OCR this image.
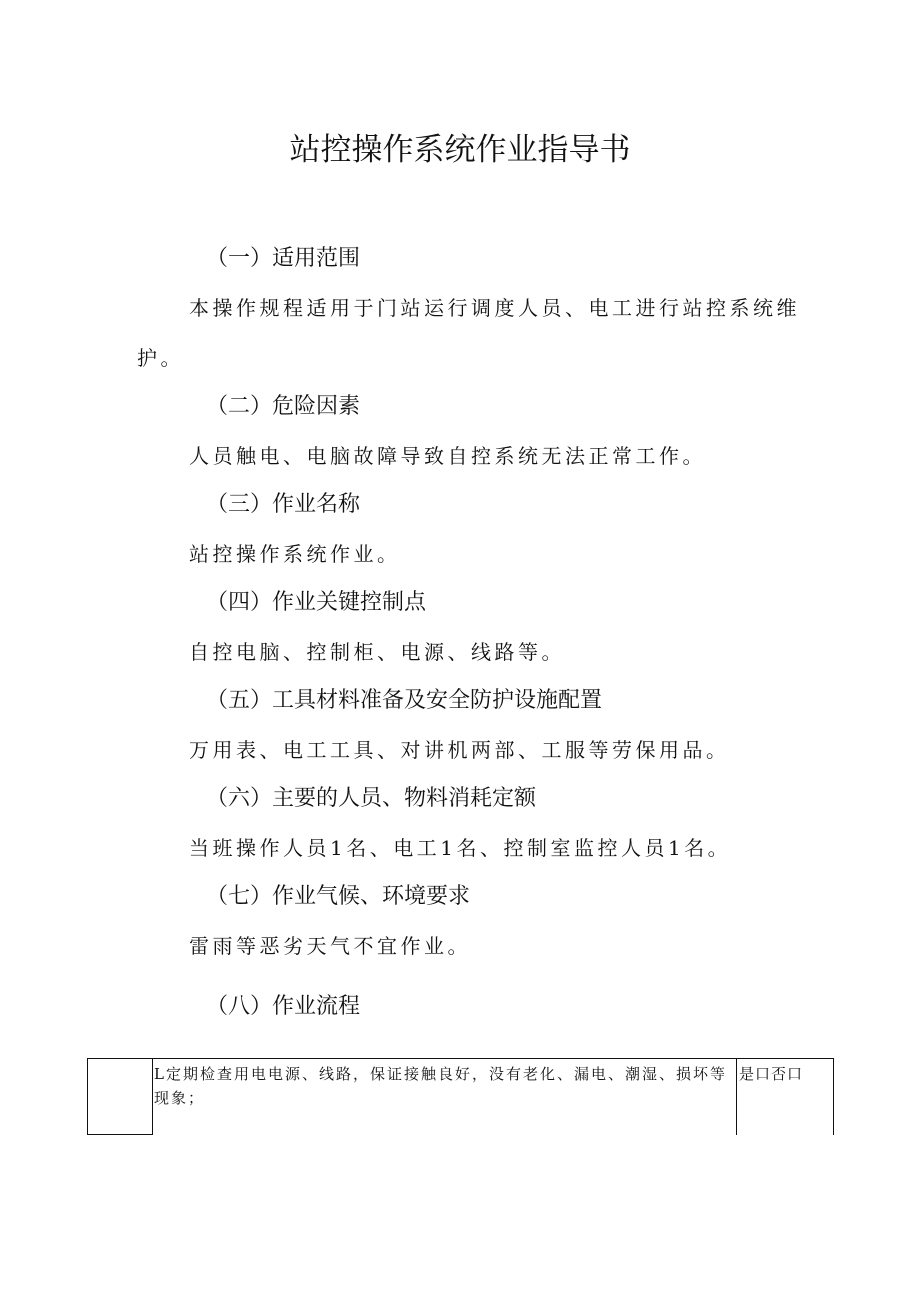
站控操作系统作业指导书
（一）适用范围
本操作规程适用于门站运行调度人员、电工进行站控系统维
护。
（二）危险因素
人员触电、电脑故障导致自控系统无法正常工作。
（三）作业名称
站控操作系统作业。
（四）作业关键控制点
自控电脑、控制柜、电源、线路等。
（五）工具材料准备及安全防护设施配置
万用表、电工工具、对讲机两部、工服等劳保用品。
（六）主要的人员、物料消耗定额
当班操作人员1名、电工1名、控制室监控人员1名。
（七）作业气候、环境要求
雷雨等恶劣天气不宜作业。
（八）作业流程
L定期检查用电电源、线路，保证接触良好，没有老化、漏电、潮湿、损坏等现象；
是口否口
